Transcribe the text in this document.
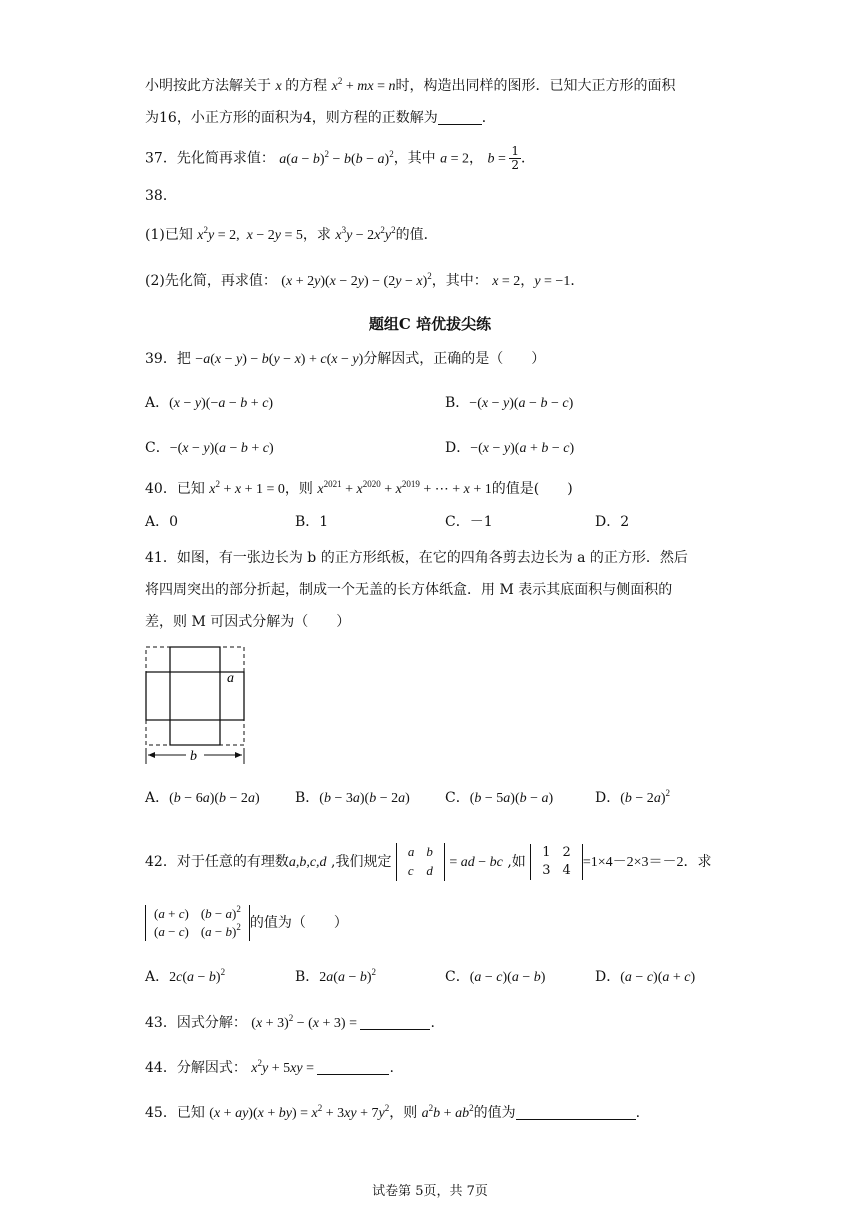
小明按此方法解关于 x 的方程 $x^2$ + mx = n时，构造出同样的图形．已知大正方形的面积
为16，小正方形的面积为4，则方程的正数解为	．
37．先化简再求值： $a(a - b)^2 - b(b - a)^2$，其中 a = 2， $b = \frac{1}{2}$ ．
38．
(1)已知 $x^2y = 2$,  x − 2y = 5，求 $x^3y - 2x^2y^2$的值．
(2)先化简，再求值： $(x + 2y)(x - 2y) - (2y - x)^2$，其中： x = 2，y = −1．
题组C 培优拔尖练
39．把 −a(x − y) − b(y − x) + c(x − y)分解因式，正确的是（　　）
A．(x − y)(−a − b + c)	B．−(x − y)(a − b − c)
C．−(x − y)(a − b + c)	D．−(x − y)(a + b − c)
40．已知 $x^2 + x + 1 = 0$，则 $x^{2021} + x^{2020} + x^{2019}$ + ⋯ + x + 1的值是(　　)
A．0	B．1	C．－1	D．2
41．如图，有一张边长为 b 的正方形纸板，在它的四角各剪去边长为 a 的正方形．然后
将四周突出的部分折起，制成一个无盖的长方体纸盒．用 M 表示其底面积与侧面积的
差，则 M 可因式分解为（　　）
a
b
A．(b − 6a)(b − 2a)	B．(b − 3a)(b − 2a)	C．(b − 5a)(b − a)	D．$(b - 2a)^2$
42．对于任意的有理数a,b,c,d ,我们规定
a	b
c	d
= ad − bc ,如
1	2
3	4
=1×4－2×3＝－2．求
(a + c)	$(b - a)^2$
(a − c)	$(a - b)^2$ 的值为（　　）
A．$2c(a - b)^2$	B．$2a(a - b)^2$	C．(a − c)(a − b)	D．(a − c)(a + c)
43．因式分解： $(x + 3)^2 - (x + 3)$ =	.
44．分解因式： $x^2y + 5xy$ =	.
45．已知 $(x + ay)(x + by) = x^2 + 3xy + 7y^2$，则 $a^2b + ab^2$的值为	.
试卷第 5页，共 7页
